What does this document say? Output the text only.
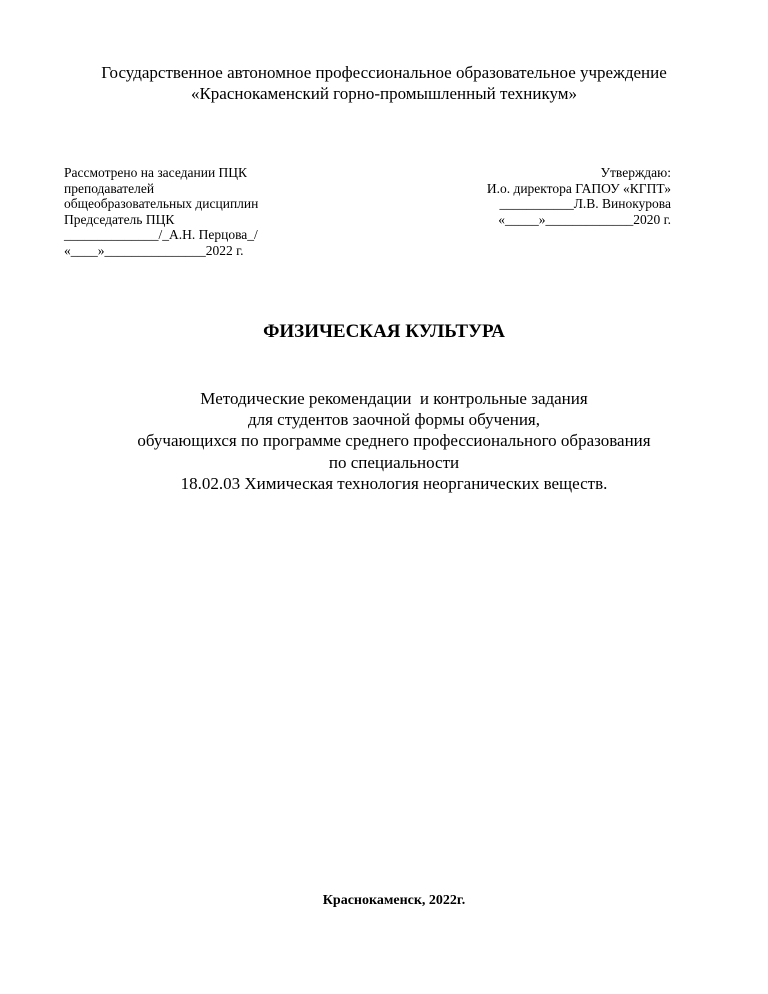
Государственное автономное профессиональное образовательное учреждение
«Краснокаменский горно-промышленный техникум»
Рассмотрено на заседании ПЦК
преподавателей
общеобразовательных дисциплин
Председатель ПЦК
______________/_А.Н. Перцова_/
«____»_______________2022 г.
Утверждаю:
И.о. директора ГАПОУ «КГПТ»
___________Л.В. Винокурова
«_____»_____________2020 г.
ФИЗИЧЕСКАЯ КУЛЬТУРА
Методические рекомендации  и контрольные задания
для студентов заочной формы обучения,
обучающихся по программе среднего профессионального образования
по специальности
18.02.03 Химическая технология неорганических веществ.
Краснокаменск, 2022г.
